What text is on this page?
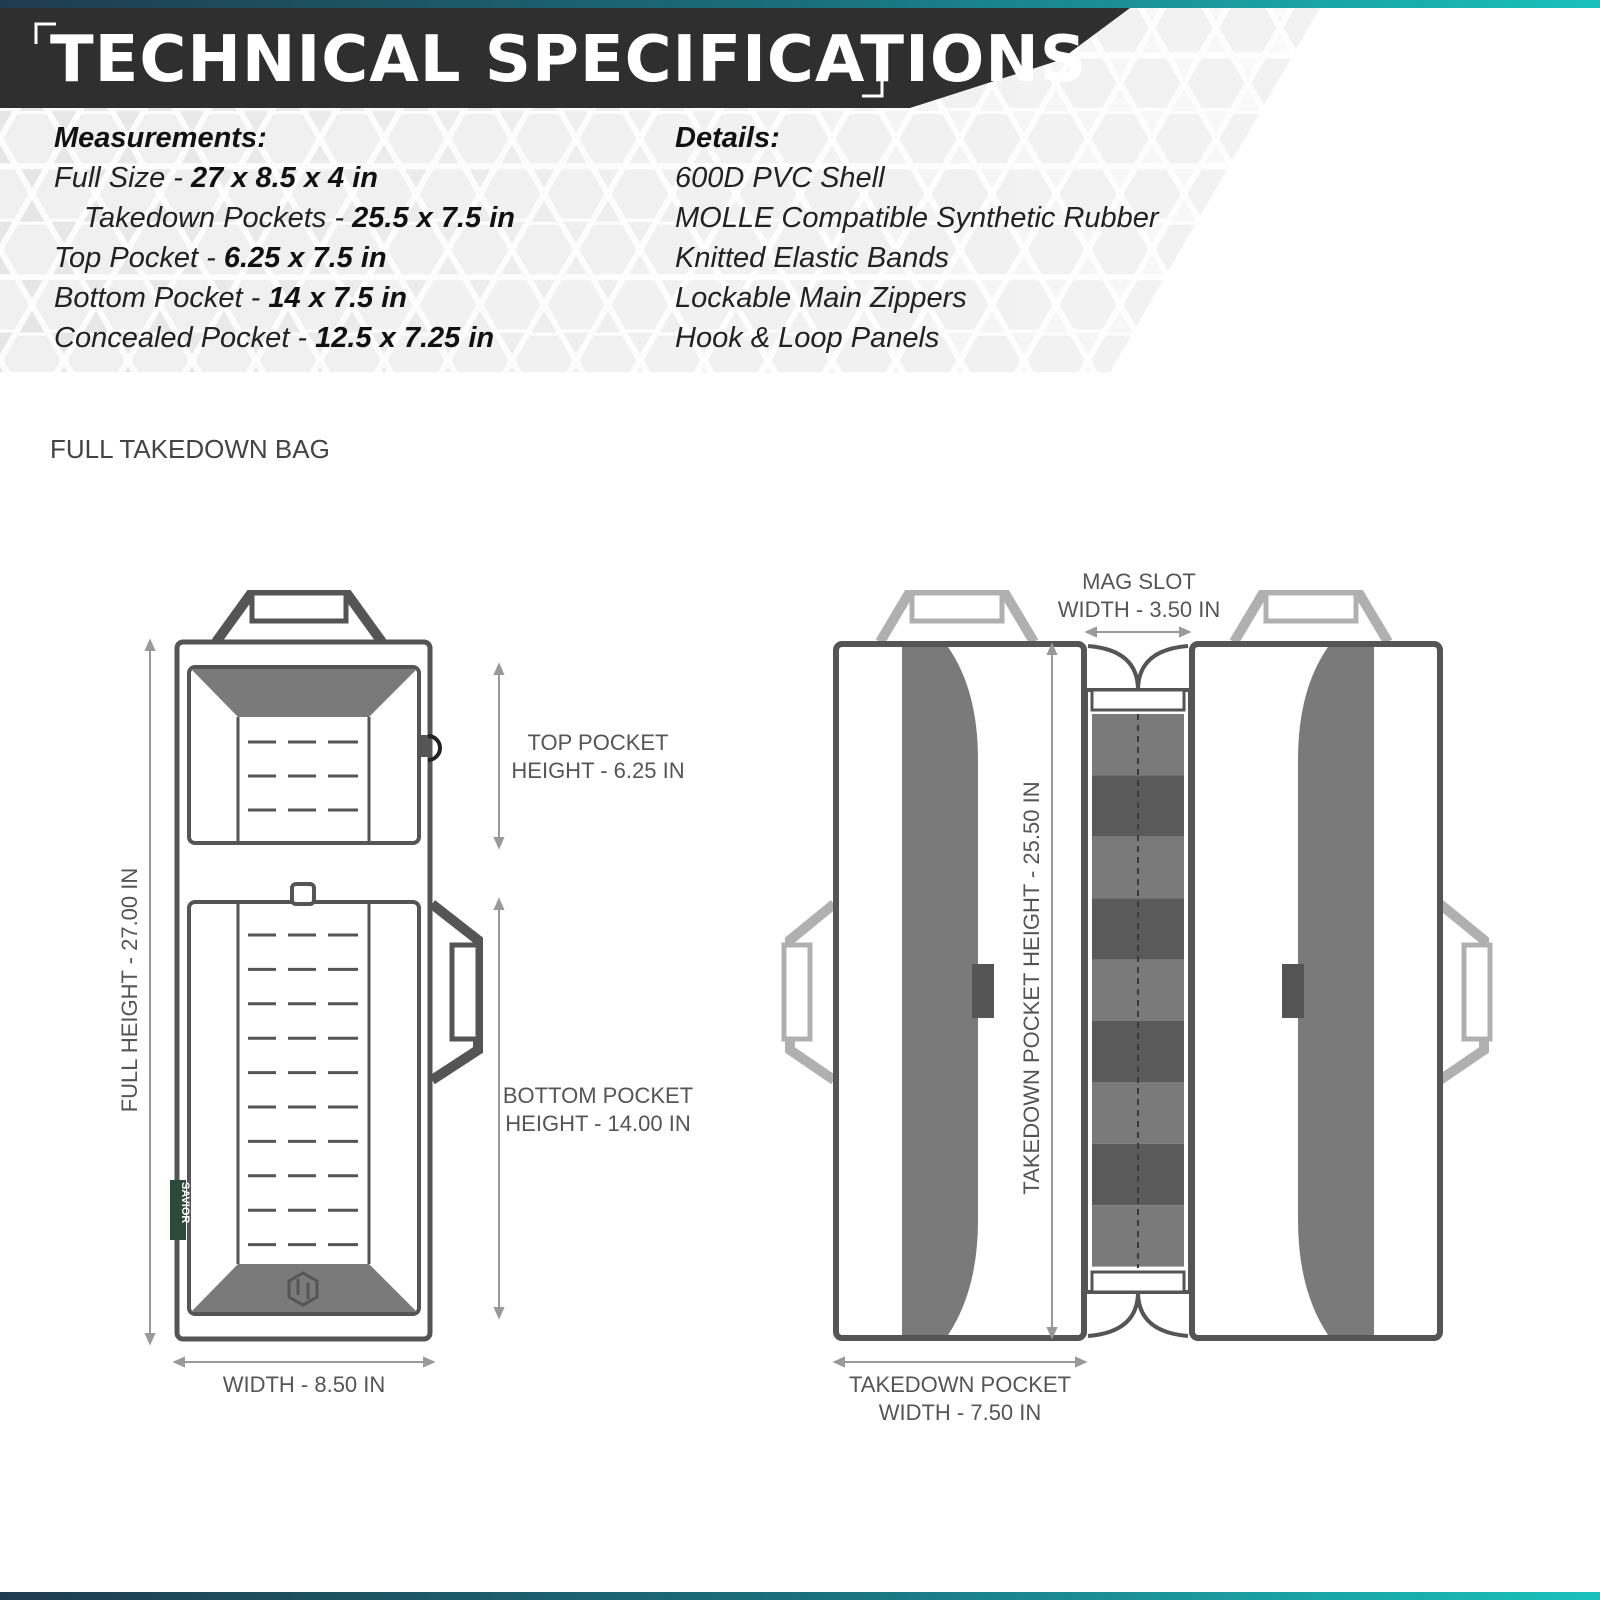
TECHNICAL SPECIFICATIONS
Measurements:
Full Size - 27 x 8.5 x 4 in
Takedown Pockets - 25.5 x 7.5 in
Top Pocket - 6.25 x 7.5 in
Bottom Pocket - 14 x 7.5 in
Concealed Pocket - 12.5 x 7.25 in
Details:
600D PVC Shell
MOLLE Compatible Synthetic Rubber
Knitted Elastic Bands
Lockable Main Zippers
Hook & Loop Panels

FULL TAKEDOWN BAG

SAVIOR
FULL HEIGHT - 27.00 IN
TOP POCKET
HEIGHT - 6.25 IN
BOTTOM POCKET
HEIGHT - 14.00 IN
WIDTH - 8.50 IN
MAG SLOT
WIDTH - 3.50 IN
TAKEDOWN POCKET HEIGHT - 25.50 IN
TAKEDOWN POCKET
WIDTH - 7.50 IN
